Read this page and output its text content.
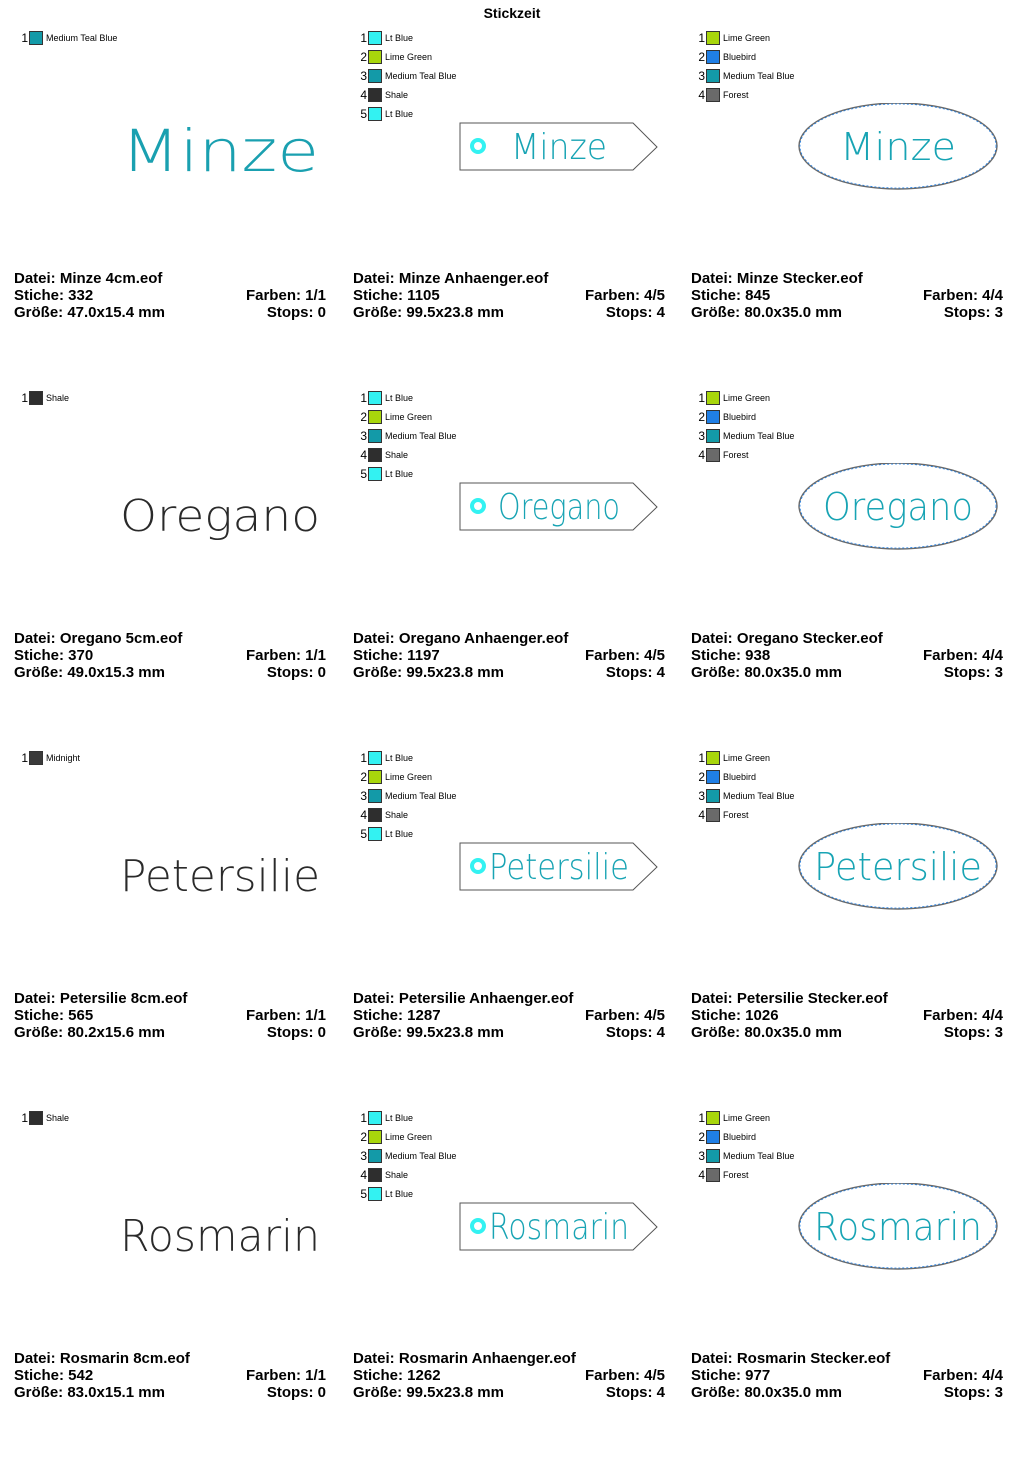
Stickzeit
1 Medium Teal Blue
Minze
Datei: Minze 4cm.eof
Stiche: 332	Farben: 1/1
Größe: 47.0x15.4 mm	Stops: 0
1 Lt Blue
2 Lime Green
3 Medium Teal Blue
4 Shale
5 Lt Blue
Minze
Datei: Minze Anhaenger.eof
Stiche: 1105	Farben: 4/5
Größe: 99.5x23.8 mm	Stops: 4
1 Lime Green
2 Bluebird
3 Medium Teal Blue
4 Forest
Minze
Datei: Minze Stecker.eof
Stiche: 845	Farben: 4/4
Größe: 80.0x35.0 mm	Stops: 3
1 Shale
Oregano
Datei: Oregano 5cm.eof
Stiche: 370	Farben: 1/1
Größe: 49.0x15.3 mm	Stops: 0
1 Lt Blue
2 Lime Green
3 Medium Teal Blue
4 Shale
5 Lt Blue
Oregano
Datei: Oregano Anhaenger.eof
Stiche: 1197	Farben: 4/5
Größe: 99.5x23.8 mm	Stops: 4
1 Lime Green
2 Bluebird
3 Medium Teal Blue
4 Forest
Oregano
Datei: Oregano Stecker.eof
Stiche: 938	Farben: 4/4
Größe: 80.0x35.0 mm	Stops: 3
1 Midnight
Petersilie
Datei: Petersilie 8cm.eof
Stiche: 565	Farben: 1/1
Größe: 80.2x15.6 mm	Stops: 0
1 Lt Blue
2 Lime Green
3 Medium Teal Blue
4 Shale
5 Lt Blue
Petersilie
Datei: Petersilie Anhaenger.eof
Stiche: 1287	Farben: 4/5
Größe: 99.5x23.8 mm	Stops: 4
1 Lime Green
2 Bluebird
3 Medium Teal Blue
4 Forest
Petersilie
Datei: Petersilie Stecker.eof
Stiche: 1026	Farben: 4/4
Größe: 80.0x35.0 mm	Stops: 3
1 Shale
Rosmarin
Datei: Rosmarin 8cm.eof
Stiche: 542	Farben: 1/1
Größe: 83.0x15.1 mm	Stops: 0
1 Lt Blue
2 Lime Green
3 Medium Teal Blue
4 Shale
5 Lt Blue
Rosmarin
Datei: Rosmarin Anhaenger.eof
Stiche: 1262	Farben: 4/5
Größe: 99.5x23.8 mm	Stops: 4
1 Lime Green
2 Bluebird
3 Medium Teal Blue
4 Forest
Rosmarin
Datei: Rosmarin Stecker.eof
Stiche: 977	Farben: 4/4
Größe: 80.0x35.0 mm	Stops: 3
